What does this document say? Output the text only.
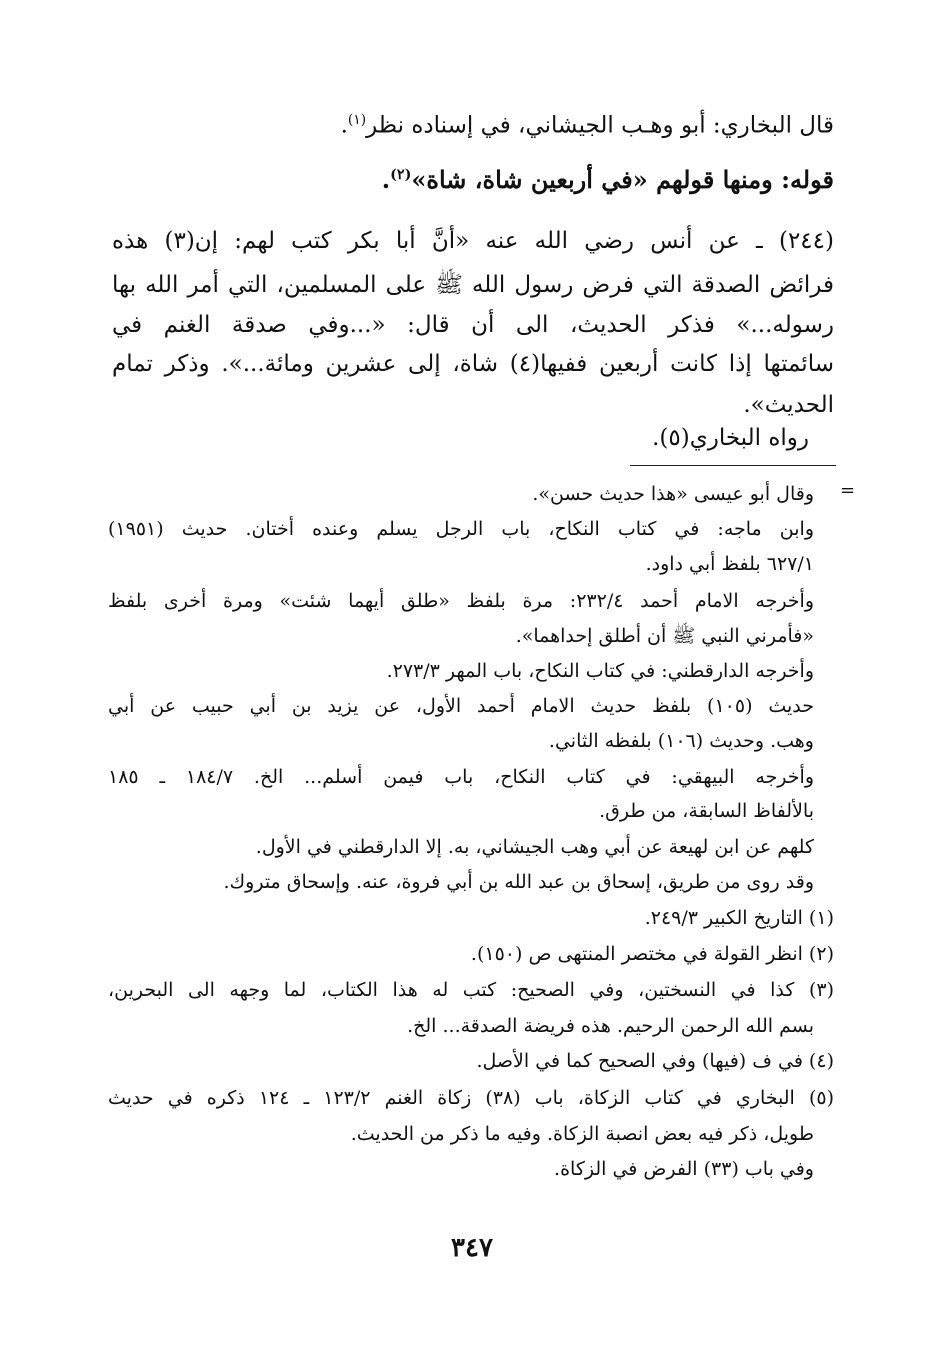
قال البخاري: أبو وهـب الجيشاني، في إسناده نظر$^{(١)}$.
قوله: ومنها قولهم «في أربعين شاة، شاة»$^{(٢)}$.
(٢٤٤) ـ عن أنس رضي الله عنه «أنَّ أبا بكر كتب لهم: إن(٣) هذه
فرائض الصدقة التي فرض رسول الله ﷺ على المسلمين، التي أمر الله بها
رسوله...» فذكر الحديث، الى أن قال: «...وفي صدقة الغنم في
سائمتها إذا كانت أربعين ففيها(٤) شاة، إلى عشرين ومائة...». وذكر تمام
الحديث».
رواه البخاري(٥).
=
وقال أبو عيسى «هذا حديث حسن».
وابن ماجه: في كتاب النكاح، باب الرجل يسلم وعنده أختان. حديث (١٩٥١)
٦٢٧/١ بلفظ أبي داود.
وأخرجه الامام أحمد ٢٣٢/٤: مرة بلفظ «طلق أيهما شئت» ومرة أخرى بلفظ
«فأمرني النبي ﷺ أن أطلق إحداهما».
وأخرجه الدارقطني: في كتاب النكاح، باب المهر ٢٧٣/٣.
حديث (١٠٥) بلفظ حديث الامام أحمد الأول، عن يزيد بن أبي حبيب عن أبي
وهب. وحديث (١٠٦) بلفظه الثاني.
وأخرجه البيهقي: في كتاب النكاح، باب فيمن أسلم... الخ. ١٨٤/٧ ـ ١٨٥
بالألفاظ السابقة، من طرق.
كلهم عن ابن لهيعة عن أبي وهب الجيشاني، به. إلا الدارقطني في الأول.
وقد روى من طريق، إسحاق بن عبد الله بن أبي فروة، عنه. وإسحاق متروك.
(١) التاريخ الكبير ٢٤٩/٣.
(٢) انظر القولة في مختصر المنتهى ص (١٥٠).
(٣) كذا في النسختين، وفي الصحيح: كتب له هذا الكتاب، لما وجهه الى البحرين،
بسم الله الرحمن الرحيم. هذه فريضة الصدقة... الخ.
(٤) في ف (فيها) وفي الصحيح كما في الأصل.
(٥) البخاري في كتاب الزكاة، باب (٣٨) زكاة الغنم ١٢٣/٢ ـ ١٢٤ ذكره في حديث
طويل، ذكر فيه بعض انصبة الزكاة. وفيه ما ذكر من الحديث.
وفي باب (٣٣) الفرض في الزكاة.
٣٤٧
